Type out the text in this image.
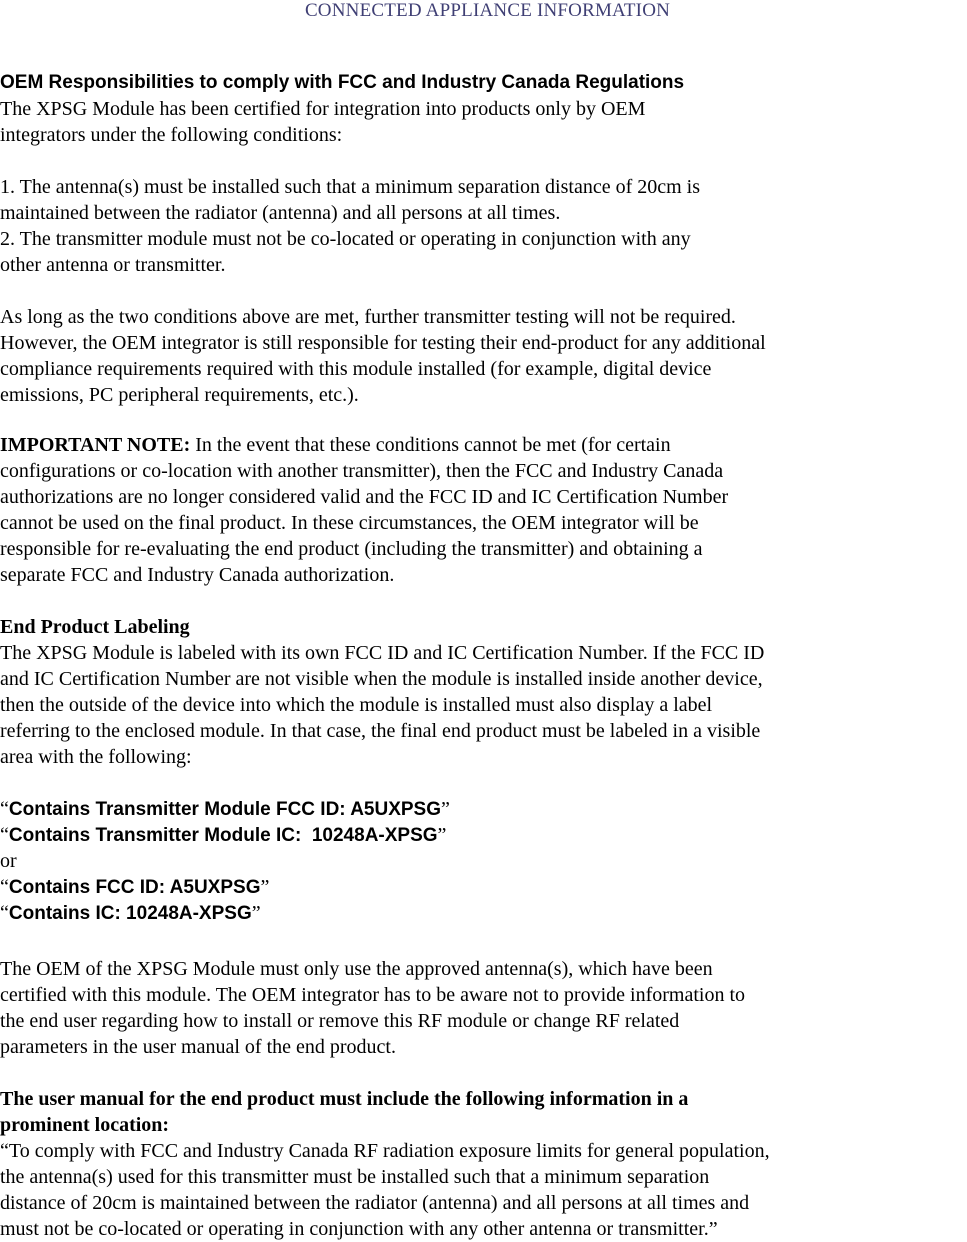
CONNECTED APPLIANCE INFORMATION
OEM Responsibilities to comply with FCC and Industry Canada Regulations
The XPSG Module has been certified for integration into products only by OEM
integrators under the following conditions:
1. The antenna(s) must be installed such that a minimum separation distance of 20cm is
maintained between the radiator (antenna) and all persons at all times.
2. The transmitter module must not be co-located or operating in conjunction with any
other antenna or transmitter.
As long as the two conditions above are met, further transmitter testing will not be required.
However, the OEM integrator is still responsible for testing their end-product for any additional
compliance requirements required with this module installed (for example, digital device
emissions, PC peripheral requirements, etc.).
IMPORTANT NOTE: In the event that these conditions cannot be met (for certain
configurations or co-location with another transmitter), then the FCC and Industry Canada
authorizations are no longer considered valid and the FCC ID and IC Certification Number
cannot be used on the final product. In these circumstances, the OEM integrator will be
responsible for re-evaluating the end product (including the transmitter) and obtaining a
separate FCC and Industry Canada authorization.
End Product Labeling
The XPSG Module is labeled with its own FCC ID and IC Certification Number. If the FCC ID
and IC Certification Number are not visible when the module is installed inside another device,
then the outside of the device into which the module is installed must also display a label
referring to the enclosed module. In that case, the final end product must be labeled in a visible
area with the following:
“Contains Transmitter Module FCC ID: A5UXPSG”
“Contains Transmitter Module IC:  10248A-XPSG”
or
“Contains FCC ID: A5UXPSG”
“Contains IC: 10248A-XPSG”
The OEM of the XPSG Module must only use the approved antenna(s), which have been
certified with this module. The OEM integrator has to be aware not to provide information to
the end user regarding how to install or remove this RF module or change RF related
parameters in the user manual of the end product.
The user manual for the end product must include the following information in a
prominent location:
“To comply with FCC and Industry Canada RF radiation exposure limits for general population,
the antenna(s) used for this transmitter must be installed such that a minimum separation
distance of 20cm is maintained between the radiator (antenna) and all persons at all times and
must not be co-located or operating in conjunction with any other antenna or transmitter.”
